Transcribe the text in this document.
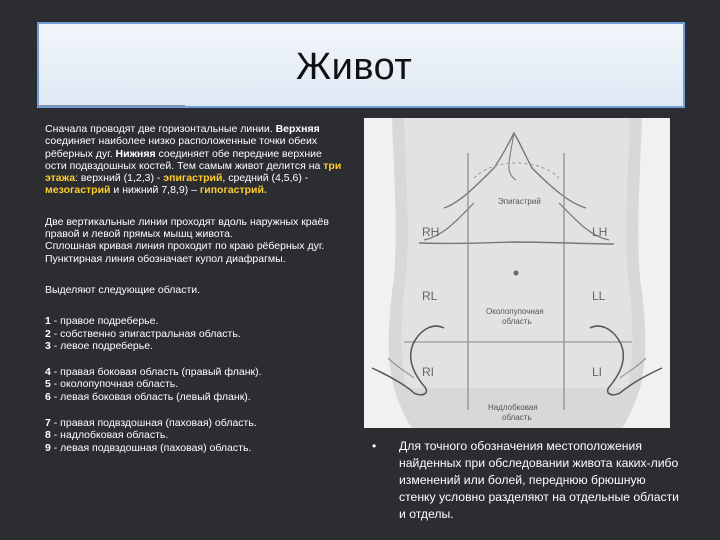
Живот

Сначала проводят две горизонтальные линии. Верхняя соединяет наиболее низко расположенные точки обеих рёберных дуг. Нижняя соединяет обе передние верхние ости подвздошных костей. Тем самым живот делится на три этажа: верхний (1,2,3) - эпигастрий, средний (4,5,6) - мезогастрий и нижний 7,8,9) – гипогастрий.

Две вертикальные линии проходят вдоль наружных краёв правой и левой прямых мышц живота.

Сплошная кривая линия проходит по краю рёберных дуг. Пунктирная линия обозначает купол диафрагмы.

Выделяют следующие области.

1 - правое подреберье.

2 - собственно эпигастральная область.

3 - левое подреберье.

4 - правая боковая область (правый фланк).

5 - околопупочная область.

6 - левая боковая область (левый фланк).

7 - правая подвздошная (паховая) область.

8 - надлобковая область.

9 - левая подвздошная (паховая) область.

RH	LH
RL	LL
RI	LI
Эпигастрий
Околопупочная
область
Надлобковая
область
• Для точного обозначения местоположения найденных при обследовании живота каких-либо изменений или болей, переднюю брюшную стенку условно разделяют на отдельные области и отделы.
